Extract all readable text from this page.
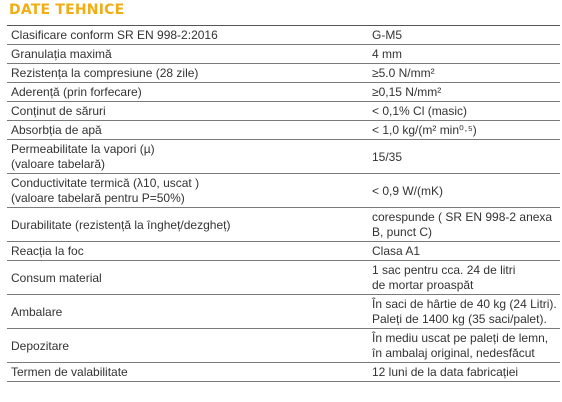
DATE TEHNICE
Clasificare conform SR EN 998-2:2016	G-M5

Granulația maximă	4 mm

Rezistența la compresiune (28 zile)	≥5.0 N/mm²

Aderență (prin forfecare)	≥0,15 N/mm²

Conținut de săruri	< 0,1% Cl (masic)

Absorbția de apă	< 1,0 kg/(m² min⁰·⁵)

Permeabilitate la vapori (µ)
(valoare tabelară)	15/35

Conductivitate termică (λ10, uscat )
(valoare tabelară pentru P=50%)	< 0,9 W/(mK)

Durabilitate (rezistență la îngheț/dezgheț)	corespunde ( SR EN 998-2 anexa
B, punct C)

Reacția la foc	Clasa A1

Consum material	1 sac pentru cca. 24 de litri
de mortar proaspăt

Ambalare	În saci de hârtie de 40 kg (24 Litri).
Paleți de 1400 kg (35 saci/palet).

Depozitare	În mediu uscat pe paleți de lemn,
în ambalaj original, nedesfăcut

Termen de valabilitate	12 luni de la data fabricației
